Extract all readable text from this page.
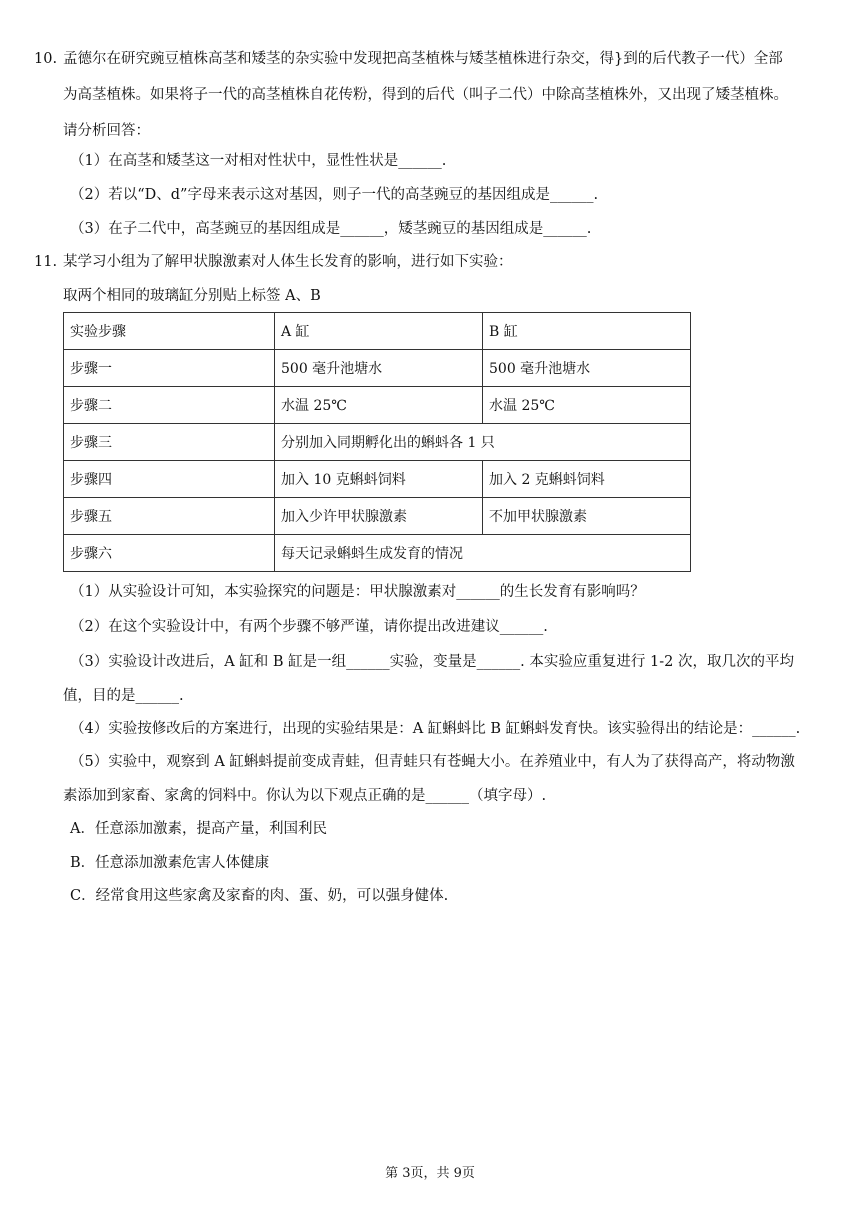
10. 孟德尔在研究豌豆植株高茎和矮茎的杂实验中发现把高茎植株与矮茎植株进行杂交，得}到的后代教子一代）全部
为高茎植株。如果将子一代的高茎植株自花传粉，得到的后代（叫子二代）中除高茎植株外，又出现了矮茎植株。
请分析回答：
（1）在高茎和矮茎这一对相对性状中，显性性状是______.
（2）若以“D、d”字母来表示这对基因，则子一代的高茎豌豆的基因组成是______.
（3）在子二代中，高茎豌豆的基因组成是______，矮茎豌豆的基因组成是______.
11. 某学习小组为了解甲状腺激素对人体生长发育的影响，进行如下实验：
取两个相同的玻璃缸分别贴上标签 A、B
实验步骤	A 缸	B 缸
步骤一	500 毫升池塘水	500 毫升池塘水
步骤二	水温 25℃	水温 25℃
步骤三	分别加入同期孵化出的蝌蚪各 1 只	
步骤四	加入 10 克蝌蚪饲料	加入 2 克蝌蚪饲料
步骤五	加入少许甲状腺激素	不加甲状腺激素
步骤六	每天记录蝌蚪生成发育的情况	
（1）从实验设计可知，本实验探究的问题是：甲状腺激素对______的生长发育有影响吗？
（2）在这个实验设计中，有两个步骤不够严谨，请你提出改进建议______.
（3）实验设计改进后，A 缸和 B 缸是一组______实验，变量是______. 本实验应重复进行 1-2 次，取几次的平均
值，目的是______.
（4）实验按修改后的方案进行，出现的实验结果是：A 缸蝌蚪比 B 缸蝌蚪发育快。该实验得出的结论是：______.
（5）实验中，观察到 A 缸蝌蚪提前变成青蛙，但青蛙只有苍蝇大小。在养殖业中，有人为了获得高产，将动物激
素添加到家畜、家禽的饲料中。你认为以下观点正确的是______（填字母）.
A．任意添加激素，提高产量，利国利民
B．任意添加激素危害人体健康
C．经常食用这些家禽及家畜的肉、蛋、奶，可以强身健体.
第 3页，共 9页
